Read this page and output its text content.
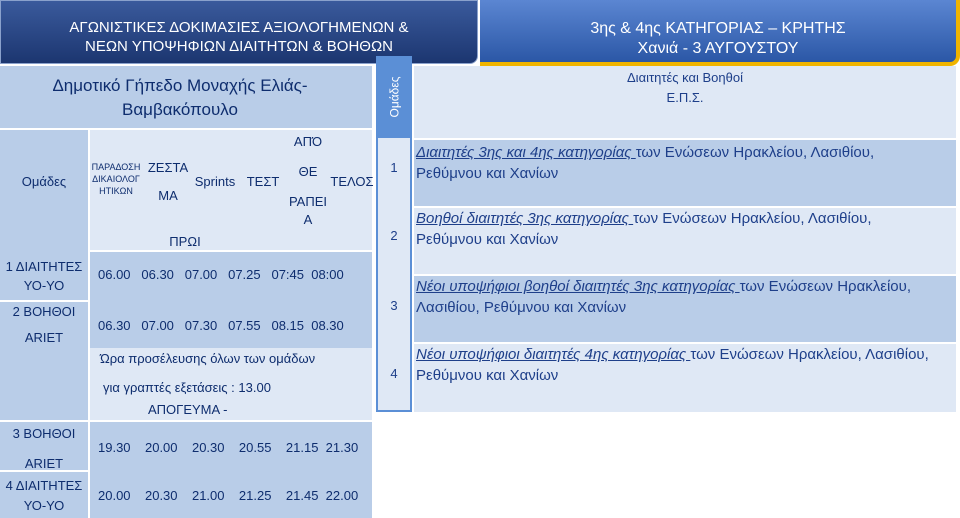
ΑΓΩΝΙΣΤΙΚΕΣ ΔΟΚΙΜΑΣΙΕΣ ΑΞΙΟΛΟΓΗΜΕΝΩΝ &
ΝΕΩΝ ΥΠΟΨΗΦΙΩΝ ΔΙΑΙΤΗΤΩΝ & ΒΟΗΘΩΝ
3ης & 4ης ΚΑΤΗΓΟΡΙΑΣ – ΚΡΗΤΗΣ
Χανιά - 3 ΑΥΓΟΥΣΤΟΥ
Δημοτικό Γήπεδο Μοναχής Ελιάς-
Βαμβακόπουλο
Ομάδες
ΠΑΡΑΔΟΣΗ
ΔΙΚΑΙΟΛΟΓ
ΗΤΙΚΩΝ
ΖΕΣΤΑ
ΜΑ
Sprints ΤΕΣΤ
ΑΠΌ
ΘΕ
ΡΑΠΕΙ
Α
ΤΕΛΟΣ
ΠΡΩΙ
1 ΔΙΑΙΤΗΤΕΣ
ΥΟ-ΥΟ
2 ΒΟΗΘΟΙ
ARIET
06.00   06.30   07.00   07.25   07:45  08:00
06.30   07.00   07.30   07.55   08.15  08.30
Ώρα προσέλευσης όλων των ομάδων
για γραπτές εξετάσεις : 13.00
ΑΠΟΓΕΥΜΑ -
3 ΒΟΗΘΟΙ
ARIET
4 ΔΙΑΙΤΗΤΕΣ
ΥΟ-ΥΟ
19.30    20.00    20.30    20.55    21.15  21.30
20.00    20.30    21.00    21.25    21.45  22.00
Ομάδες
1
2
3
4
Διαιτητές και Βοηθοί
Ε.Π.Σ.
Διαιτητές 3ης και 4ης κατηγορίας των Ενώσεων Ηρακλείου, Λασιθίου, Ρεθύμνου και Χανίων
Βοηθοί διαιτητές 3ης κατηγορίας των Ενώσεων Ηρακλείου, Λασιθίου, Ρεθύμνου και Χανίων
Νέοι υποψήφιοι βοηθοί διαιτητές 3ης κατηγορίας των Ενώσεων Ηρακλείου, Λασιθίου, Ρεθύμνου και Χανίων
Νέοι υποψήφιοι διαιτητές 4ης κατηγορίας των Ενώσεων Ηρακλείου, Λασιθίου, Ρεθύμνου και Χανίων
